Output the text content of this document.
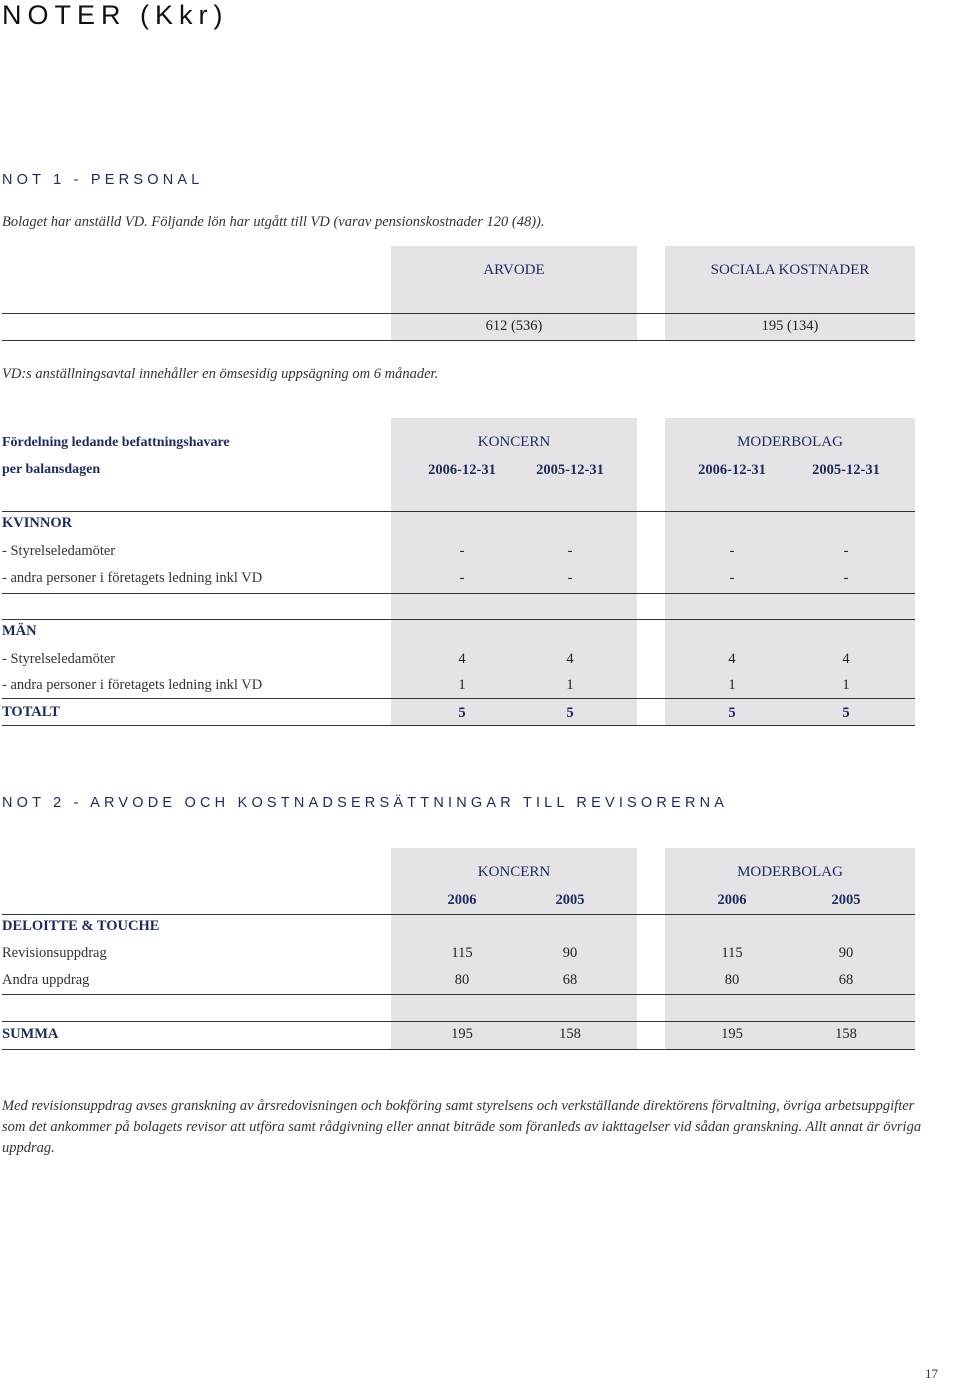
NOTER (Kkr)
NOT 1 - PERSONAL
Bolaget har anställd VD. Följande lön har utgått till VD (varav pensionskostnader 120 (48)).
ARVODE	SOCIALA KOSTNADER
612 (536)	195 (134)
VD:s anställningsavtal innehåller en ömsesidig uppsägning om 6 månader.
Fördelning ledande befattningshavare
per balansdagen
KONCERN	MODERBOLAG
2006-12-31	2005-12-31	2006-12-31	2005-12-31
KVINNOR
- Styrelseledamöter	-	-	-	-
- andra personer i företagets ledning inkl VD	-	-	-	-
MÄN
- Styrelseledamöter	4	4	4	4
- andra personer i företagets ledning inkl VD	1	1	1	1
TOTALT	5	5	5	5
NOT 2 - ARVODE OCH KOSTNADSERSÄTTNINGAR TILL REVISORERNA
KONCERN	MODERBOLAG
2006	2005	2006	2005
DELOITTE & TOUCHE
Revisionsuppdrag	115	90	115	90
Andra uppdrag	80	68	80	68
SUMMA	195	158	195	158
Med revisionsuppdrag avses granskning av årsredovisningen och bokföring samt styrelsens och verkställande direktörens förvaltning, övriga arbetsuppgifter som det ankommer på bolagets revisor att utföra samt rådgivning eller annat biträde som föranleds av iakttagelser vid sådan granskning. Allt annat är övriga uppdrag.
17
